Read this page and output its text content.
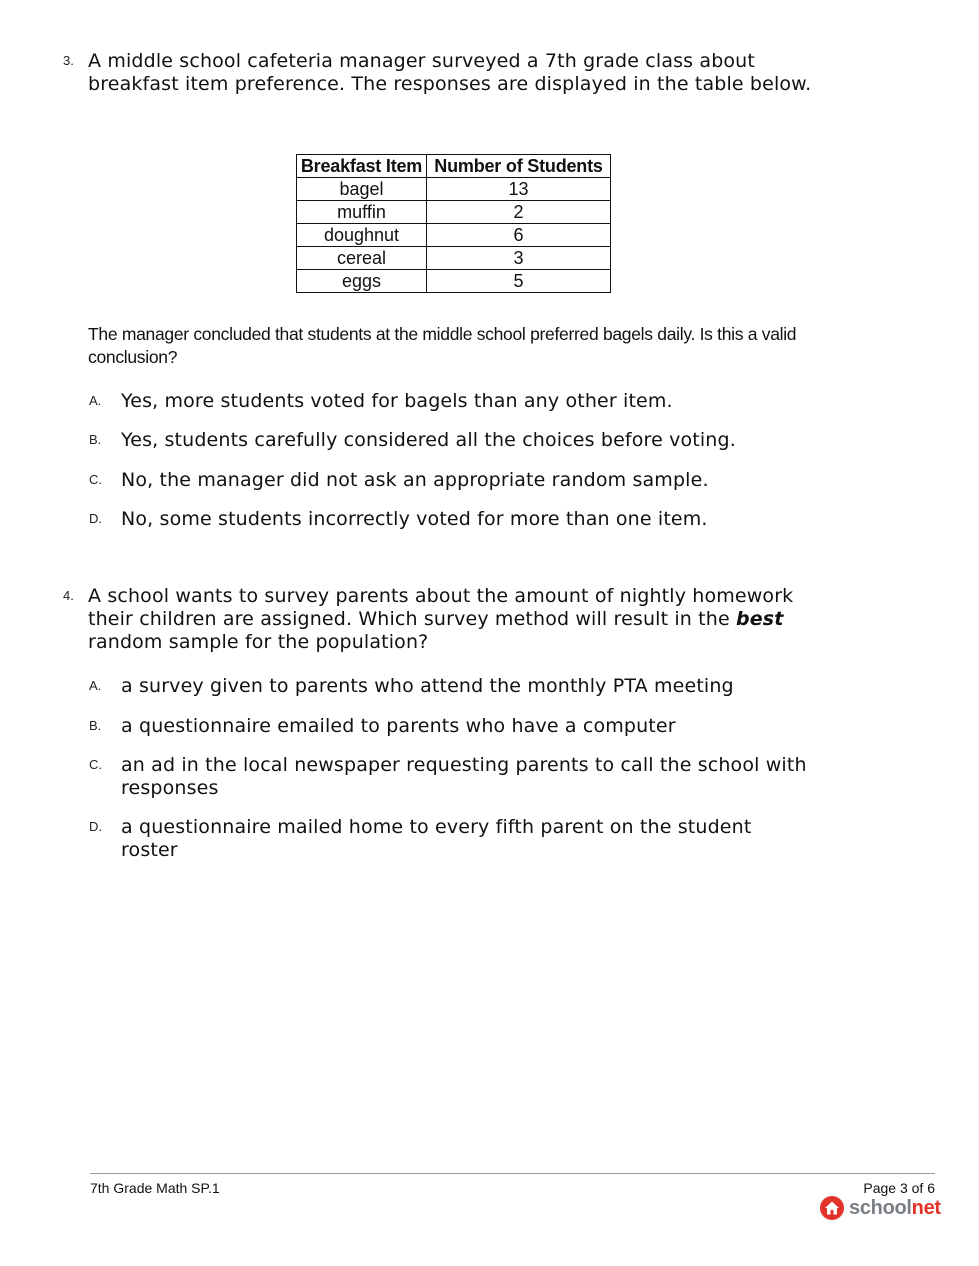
3. A middle school cafeteria manager surveyed a 7th grade class about breakfast item preference. The responses are displayed in the table below.
Breakfast Item	Number of Students
bagel	13
muffin	2
doughnut	6
cereal	3
eggs	5
The manager concluded that students at the middle school preferred bagels daily. Is this a valid conclusion?
A. Yes, more students voted for bagels than any other item.
B. Yes, students carefully considered all the choices before voting.
C. No, the manager did not ask an appropriate random sample.
D. No, some students incorrectly voted for more than one item.
4. A school wants to survey parents about the amount of nightly homework their children are assigned. Which survey method will result in the best random sample for the population?
A. a survey given to parents who attend the monthly PTA meeting
B. a questionnaire emailed to parents who have a computer
C. an ad in the local newspaper requesting parents to call the school with responses
D. a questionnaire mailed home to every fifth parent on the student roster
7th Grade Math SP.1	Page 3 of 6
schoolnet
